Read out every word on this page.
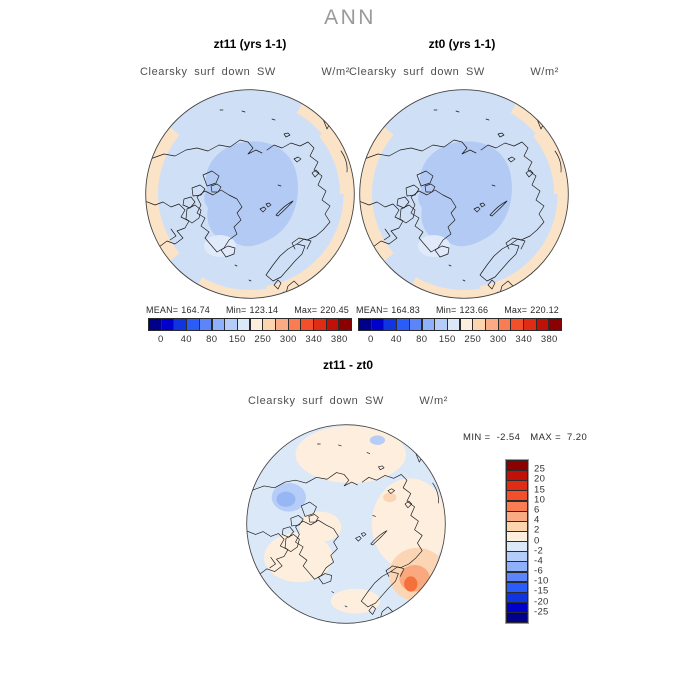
ANN
zt11 (yrs 1-1)	zt0 (yrs 1-1)
Clearsky surf down SW	W/m² Clearsky surf down SW	W/m²
MEAN= 164.74	Min= 123.14	Max= 220.45 MEAN= 164.83	Min= 123.66	Max= 220.12
0 40 80 150 250 300 340 380 0 40 80 150 250 300 340 380
zt11 - zt0
Clearsky surf down SW	W/m²
MIN = -2.54 MAX = 7.20
25
20
15
10
6
4
2
0
-2
-4
-6
-10
-15
-20
-25
